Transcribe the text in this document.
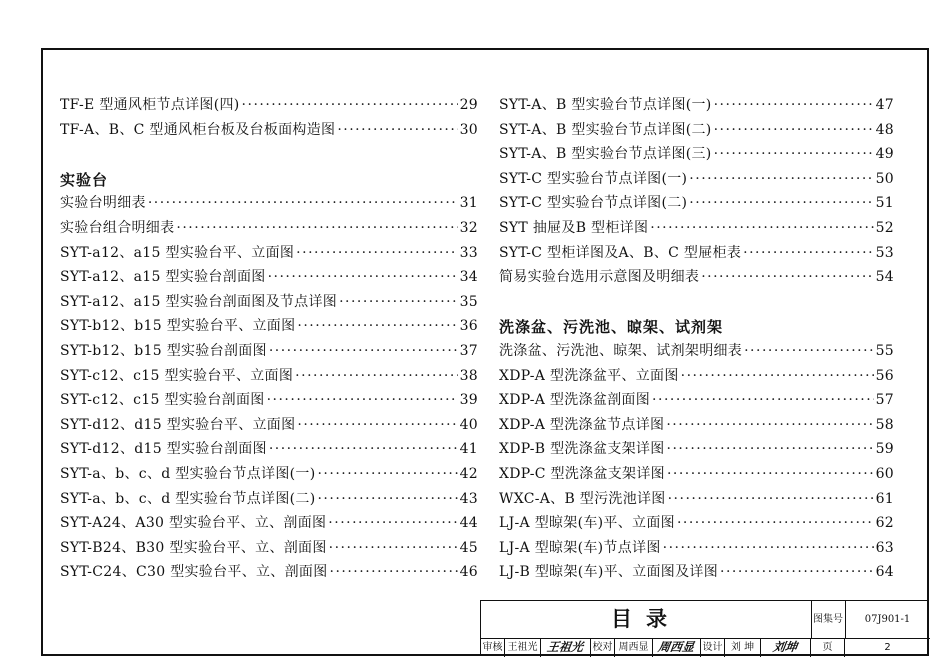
TF-E 型通风柜节点详图(四) ·····	29
TF-A、B、C 型通风柜台板及台板面构造图 ·····	30
实验台
实验台明细表 ·····	31
实验台组合明细表 ·····	32
SYT-a12、a15 型实验台平、立面图 ·····	33
SYT-a12、a15 型实验台剖面图 ·····	34
SYT-a12、a15 型实验台剖面图及节点详图 ·····	35
SYT-b12、b15 型实验台平、立面图 ·····	36
SYT-b12、b15 型实验台剖面图 ·····	37
SYT-c12、c15 型实验台平、立面图 ·····	38
SYT-c12、c15 型实验台剖面图 ·····	39
SYT-d12、d15 型实验台平、立面图 ·····	40
SYT-d12、d15 型实验台剖面图 ·····	41
SYT-a、b、c、d 型实验台节点详图(一) ·····	42
SYT-a、b、c、d 型实验台节点详图(二) ·····	43
SYT-A24、A30 型实验台平、立、剖面图 ·····	44
SYT-B24、B30 型实验台平、立、剖面图 ·····	45
SYT-C24、C30 型实验台平、立、剖面图 ·····	46
SYT-A、B 型实验台节点详图(一) ·····	47
SYT-A、B 型实验台节点详图(二) ·····	48
SYT-A、B 型实验台节点详图(三) ·····	49
SYT-C 型实验台节点详图(一) ·····	50
SYT-C 型实验台节点详图(二) ·····	51
SYT 抽屉及B 型柜详图 ·····	52
SYT-C 型柜详图及A、B、C 型屉柜表 ·····	53
简易实验台选用示意图及明细表 ·····	54
洗涤盆、污洗池、晾架、试剂架
洗涤盆、污洗池、晾架、试剂架明细表 ·····	55
XDP-A 型洗涤盆平、立面图 ·····	56
XDP-A 型洗涤盆剖面图 ·····	57
XDP-A 型洗涤盆节点详图 ·····	58
XDP-B 型洗涤盆支架详图 ·····	59
XDP-C 型洗涤盆支架详图 ·····	60
WXC-A、B 型污洗池详图 ·····	61
LJ-A 型晾架(车)平、立面图 ·····	62
LJ-A 型晾架(车)节点详图 ·····	63
LJ-B 型晾架(车)平、立面图及详图 ·····	64
目录	图集号	07J901-1
审核 王祖光 王祖光 校对 周西显 周西显 设计 刘 坤	刘坤	页	2
